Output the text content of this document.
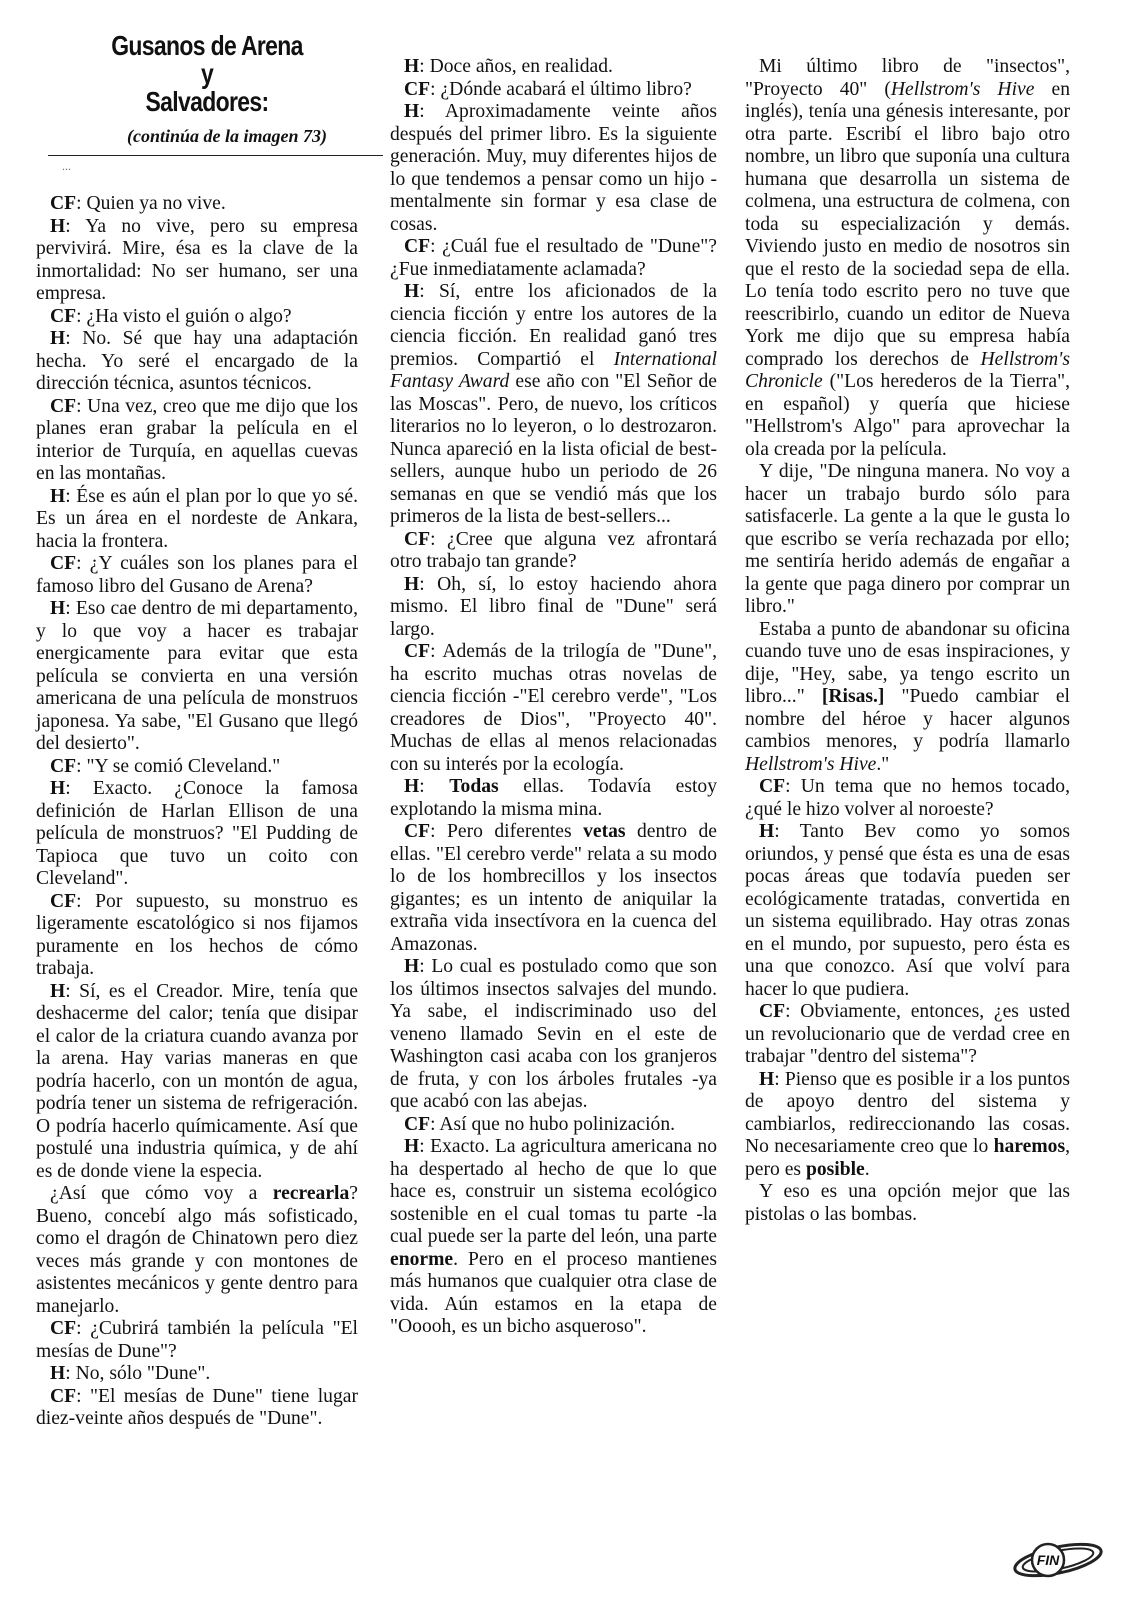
Gusanos de Arena
y
Salvadores:
(continúa de la imagen 73)
...

CF: Quien ya no vive.

H: Ya no vive, pero su empresa pervivirá. Mire, ésa es la clave de la inmortalidad: No ser humano, ser una empresa.

CF: ¿Ha visto el guión o algo?

H: No. Sé que hay una adaptación hecha. Yo seré el encargado de la dirección técnica, asuntos técnicos.

CF: Una vez, creo que me dijo que los planes eran grabar la película en el interior de Turquía, en aquellas cuevas en las montañas.

H: Ése es aún el plan por lo que yo sé. Es un área en el nordeste de Ankara, hacia la frontera.

CF: ¿Y cuáles son los planes para el famoso libro del Gusano de Arena?

H: Eso cae dentro de mi departamento, y lo que voy a hacer es trabajar energicamente para evitar que esta película se convierta en una versión americana de una película de monstruos japonesa. Ya sabe, "El Gusano que llegó del desierto".

CF: "Y se comió Cleveland."

H: Exacto. ¿Conoce la famosa definición de Harlan Ellison de una película de monstruos? "El Pudding de Tapioca que tuvo un coito con Cleveland".

CF: Por supuesto, su monstruo es ligeramente escatológico si nos fijamos puramente en los hechos de cómo trabaja.

H: Sí, es el Creador. Mire, tenía que deshacerme del calor; tenía que disipar el calor de la criatura cuando avanza por la arena. Hay varias maneras en que podría hacerlo, con un montón de agua, podría tener un sistema de refrigeración. O podría hacerlo químicamente. Así que postulé una industria química, y de ahí es de donde viene la especia.

¿Así que cómo voy a recrearla? Bueno, concebí algo más sofisticado, como el dragón de Chinatown pero diez veces más grande y con montones de asistentes mecánicos y gente dentro para manejarlo.

CF: ¿Cubrirá también la película "El mesías de Dune"?

H: No, sólo "Dune".

CF: "El mesías de Dune" tiene lugar diez-veinte años después de "Dune".

H: Doce años, en realidad.

CF: ¿Dónde acabará el último libro?

H: Aproximadamente veinte años después del primer libro. Es la siguiente generación. Muy, muy diferentes hijos de lo que tendemos a pensar como un hijo -mentalmente sin formar y esa clase de cosas.

CF: ¿Cuál fue el resultado de "Dune"? ¿Fue inmediatamente aclamada?

H: Sí, entre los aficionados de la ciencia ficción y entre los autores de la ciencia ficción. En realidad ganó tres premios. Compartió el International Fantasy Award ese año con "El Señor de las Moscas". Pero, de nuevo, los críticos literarios no lo leyeron, o lo destrozaron. Nunca apareció en la lista oficial de best-sellers, aunque hubo un periodo de 26 semanas en que se vendió más que los primeros de la lista de best-sellers...

CF: ¿Cree que alguna vez afrontará otro trabajo tan grande?

H: Oh, sí, lo estoy haciendo ahora mismo. El libro final de "Dune" será largo.

CF: Además de la trilogía de "Dune", ha escrito muchas otras novelas de ciencia ficción -"El cerebro verde", "Los creadores de Dios", "Proyecto 40". Muchas de ellas al menos relacionadas con su interés por la ecología.

H: Todas ellas. Todavía estoy explotando la misma mina.

CF: Pero diferentes vetas dentro de ellas. "El cerebro verde" relata a su modo lo de los hombrecillos y los insectos gigantes; es un intento de aniquilar la extraña vida insectívora en la cuenca del Amazonas.

H: Lo cual es postulado como que son los últimos insectos salvajes del mundo. Ya sabe, el indiscriminado uso del veneno llamado Sevin en el este de Washington casi acaba con los granjeros de fruta, y con los árboles frutales -ya que acabó con las abejas.

CF: Así que no hubo polinización.

H: Exacto. La agricultura americana no ha despertado al hecho de que lo que hace es, construir un sistema ecológico sostenible en el cual tomas tu parte -la cual puede ser la parte del león, una parte enorme. Pero en el proceso mantienes más humanos que cualquier otra clase de vida. Aún estamos en la etapa de "Ooooh, es un bicho asqueroso".

Mi último libro de "insectos", "Proyecto 40" (Hellstrom's Hive en inglés), tenía una génesis interesante, por otra parte. Escribí el libro bajo otro nombre, un libro que suponía una cultura humana que desarrolla un sistema de colmena, una estructura de colmena, con toda su especialización y demás. Viviendo justo en medio de nosotros sin que el resto de la sociedad sepa de ella. Lo tenía todo escrito pero no tuve que reescribirlo, cuando un editor de Nueva York me dijo que su empresa había comprado los derechos de Hellstrom's Chronicle ("Los herederos de la Tierra", en español) y quería que hiciese "Hellstrom's Algo" para aprovechar la ola creada por la película.

Y dije, "De ninguna manera. No voy a hacer un trabajo burdo sólo para satisfacerle. La gente a la que le gusta lo que escribo se vería rechazada por ello; me sentiría herido además de engañar a la gente que paga dinero por comprar un libro."

Estaba a punto de abandonar su oficina cuando tuve uno de esas inspiraciones, y dije, "Hey, sabe, ya tengo escrito un libro..." [Risas.] "Puedo cambiar el nombre del héroe y hacer algunos cambios menores, y podría llamarlo Hellstrom's Hive."

CF: Un tema que no hemos tocado, ¿qué le hizo volver al noroeste?

H: Tanto Bev como yo somos oriundos, y pensé que ésta es una de esas pocas áreas que todavía pueden ser ecológicamente tratadas, convertida en un sistema equilibrado. Hay otras zonas en el mundo, por supuesto, pero ésta es una que conozco. Así que volví para hacer lo que pudiera.

CF: Obviamente, entonces, ¿es usted un revolucionario que de verdad cree en trabajar "dentro del sistema"?

H: Pienso que es posible ir a los puntos de apoyo dentro del sistema y cambiarlos, redireccionando las cosas. No necesariamente creo que lo haremos, pero es posible.

Y eso es una opción mejor que las pistolas o las bombas.

FIN
